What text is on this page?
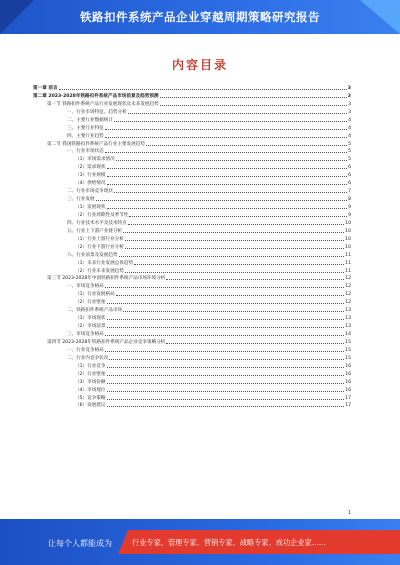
铁路扣件系统产品企业穿越周期策略研究报告
内容目录
第一章 前言	3
第二章 2023-2028年铁路扣件系统产品市场前景及趋势预测	3
第一节 铁路扣件系统产品行业发展现状及未来发展趋势	3
一、行业市场特征、趋势分析	3
二、主要行业数据统计	4
三、主要行业特征	4
四、主要行业趋势	4
第二节 我国铁路扣件系统产品行业主要发展趋势	5
一、行业市场状态	5
（1）市场需求情况	5
（2）需求现状	6
（3）行业规模	6
（4）供给情况	6
二、行业市场竞争现状	7
三、行业发展	8
（1）发展现状	9
（2）行业周期性及季节性	9
四、行业技术水平及技术特点	10
五、行业上下游产业链分析	10
（1）行业上游行业分析	10
（2）行业下游行业分析	10
六、行业前景及发展趋势	11
（1）未来行业发展总体趋势	11
（2）行业未来发展趋势	11
第三节 2023-2028年中国铁路扣件系统产品市场环境分析	12
一、市场竞争格局	12
（1）行业发展格局	12
（2）行业壁垒	12
二、铁路扣件系统产品市场	13
（1）市场现状	13
（2）市场前景	13
三、市场竞争格局	14
第四节 2023-2028年铁路扣件系统产品企业竞争策略分析	15
一、行业竞争格局	15
二、行业内竞争状况	15
（1）行业竞争	16
（2）行业壁垒	16
（3）市场份额	16
（4）市场地位	16
（5）竞争策略	17
（6）发展建议	17
1
让每个人都能成为	行业专家、管理专家、营销专家、战略专家、成功企业家……
